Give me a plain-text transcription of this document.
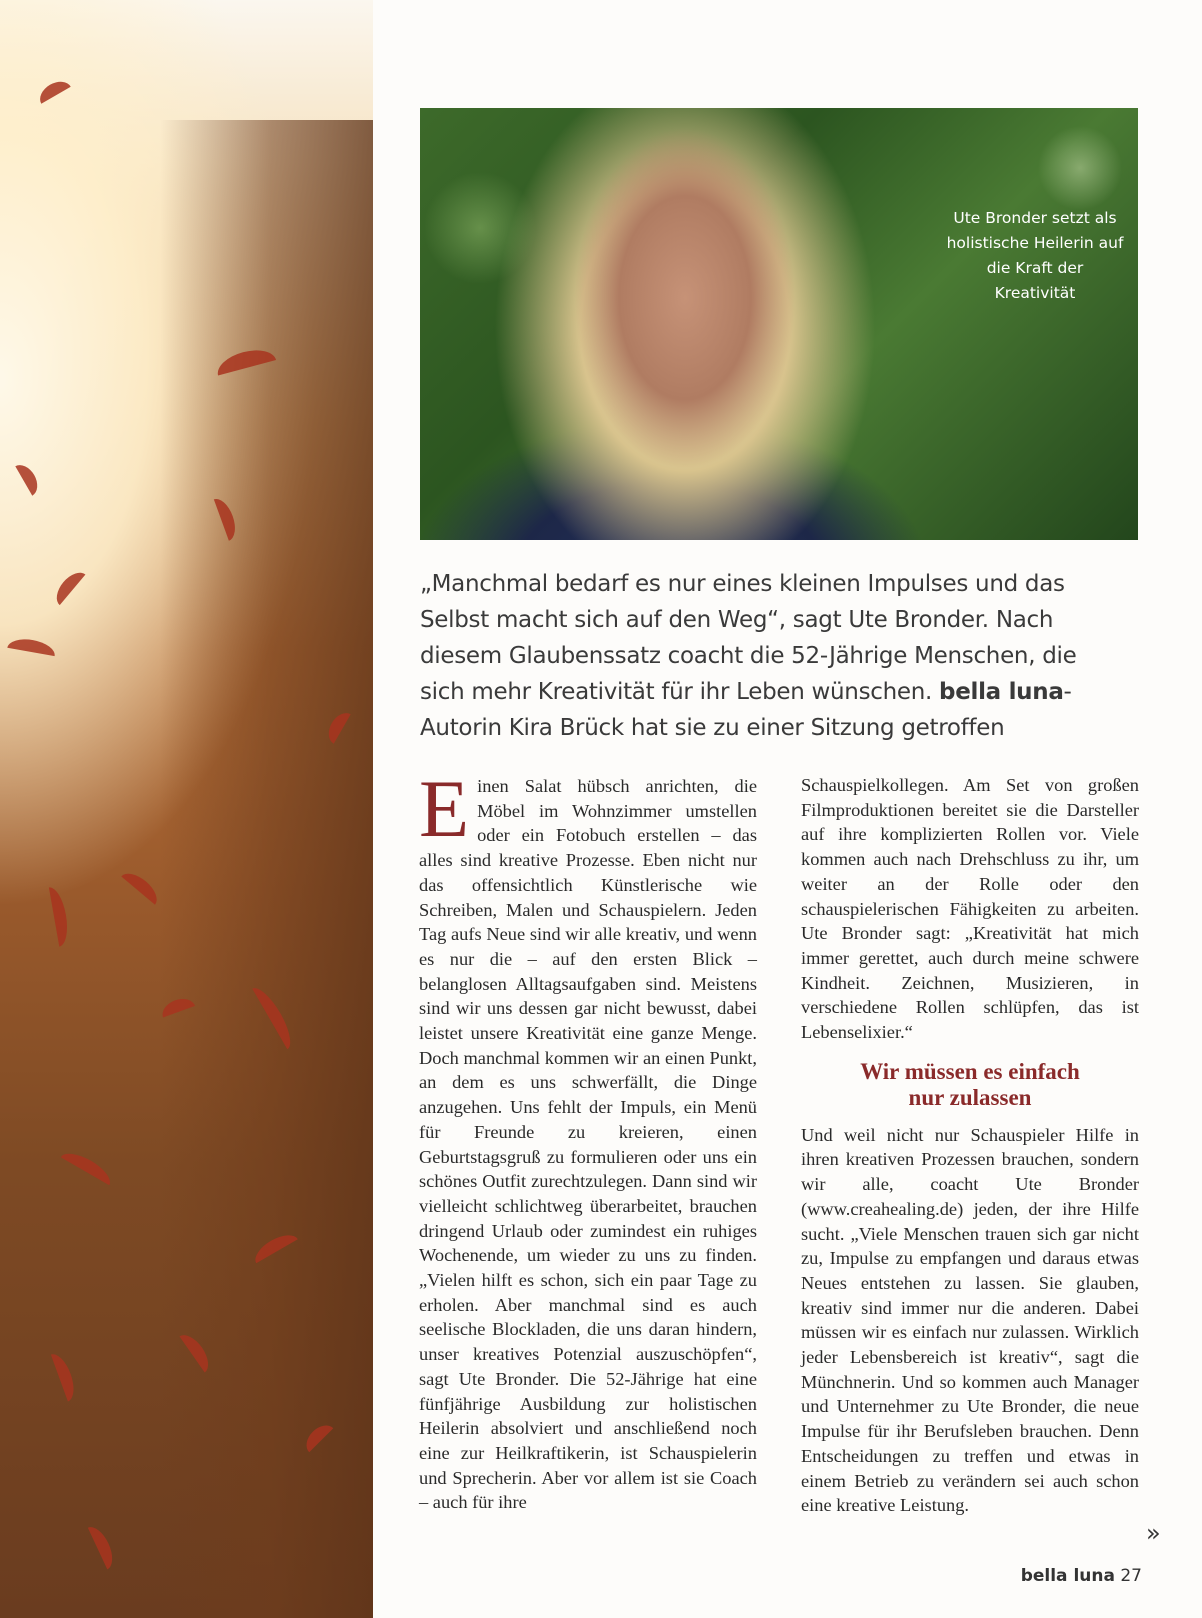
Ute Bronder setzt als holistische Heilerin auf die Kraft der Kreativität
„Manchmal bedarf es nur eines kleinen Impulses und das Selbst macht sich auf den Weg“, sagt Ute Bronder. Nach diesem Glaubenssatz coacht die 52-Jährige Menschen, die sich mehr Kreativität für ihr Leben wünschen. bella luna-Autorin Kira Brück hat sie zu einer Sitzung getroffen
E inen Salat hübsch anrichten, die Möbel im Wohnzimmer umstellen oder ein Fotobuch erstellen – das alles sind kreative Prozesse. Eben nicht nur das offensichtlich Künstlerische wie Schreiben, Malen und Schauspielern. Jeden Tag aufs Neue sind wir alle kreativ, und wenn es nur die – auf den ersten Blick – belanglosen Alltagsaufgaben sind. Meistens sind wir uns dessen gar nicht bewusst, dabei leistet unsere Kreativität eine ganze Menge. Doch manchmal kommen wir an einen Punkt, an dem es uns schwerfällt, die Dinge anzugehen. Uns fehlt der Impuls, ein Menü für Freunde zu kreieren, einen Geburtstagsgruß zu formulieren oder uns ein schönes Outfit zurechtzulegen. Dann sind wir vielleicht schlichtweg überarbeitet, brauchen dringend Urlaub oder zumindest ein ruhiges Wochenende, um wieder zu uns zu finden. „Vielen hilft es schon, sich ein paar Tage zu erholen. Aber manchmal sind es auch seelische Blockladen, die uns daran hindern, unser kreatives Potenzial auszuschöpfen“, sagt Ute Bronder. Die 52-Jährige hat eine fünfjährige Ausbildung zur holistischen Heilerin absolviert und anschließend noch eine zur Heilkraftikerin, ist Schauspielerin und Sprecherin. Aber vor allem ist sie Coach – auch für ihre

Schauspielkollegen. Am Set von großen Filmproduktionen bereitet sie die Darsteller auf ihre komplizierten Rollen vor. Viele kommen auch nach Drehschluss zu ihr, um weiter an der Rolle oder den schauspielerischen Fähigkeiten zu arbeiten. Ute Bronder sagt: „Kreativität hat mich immer gerettet, auch durch meine schwere Kindheit. Zeichnen, Musizieren, in verschiedene Rollen schlüpfen, das ist Lebenselixier.“

Wir müssen es einfach
nur zulassen

Und weil nicht nur Schauspieler Hilfe in ihren kreativen Prozessen brauchen, sondern wir alle, coacht Ute Bronder (www.creahealing.de) jeden, der ihre Hilfe sucht. „Viele Menschen trauen sich gar nicht zu, Impulse zu empfangen und daraus etwas Neues entstehen zu lassen. Sie glauben, kreativ sind immer nur die anderen. Dabei müssen wir es einfach nur zulassen. Wirklich jeder Lebensbereich ist kreativ“, sagt die Münchnerin. Und so kommen auch Manager und Unternehmer zu Ute Bronder, die neue Impulse für ihr Berufsleben brauchen. Denn Entscheidungen zu treffen und etwas in einem Betrieb zu verändern sei auch schon eine kreative Leistung.

»
bella luna 27
